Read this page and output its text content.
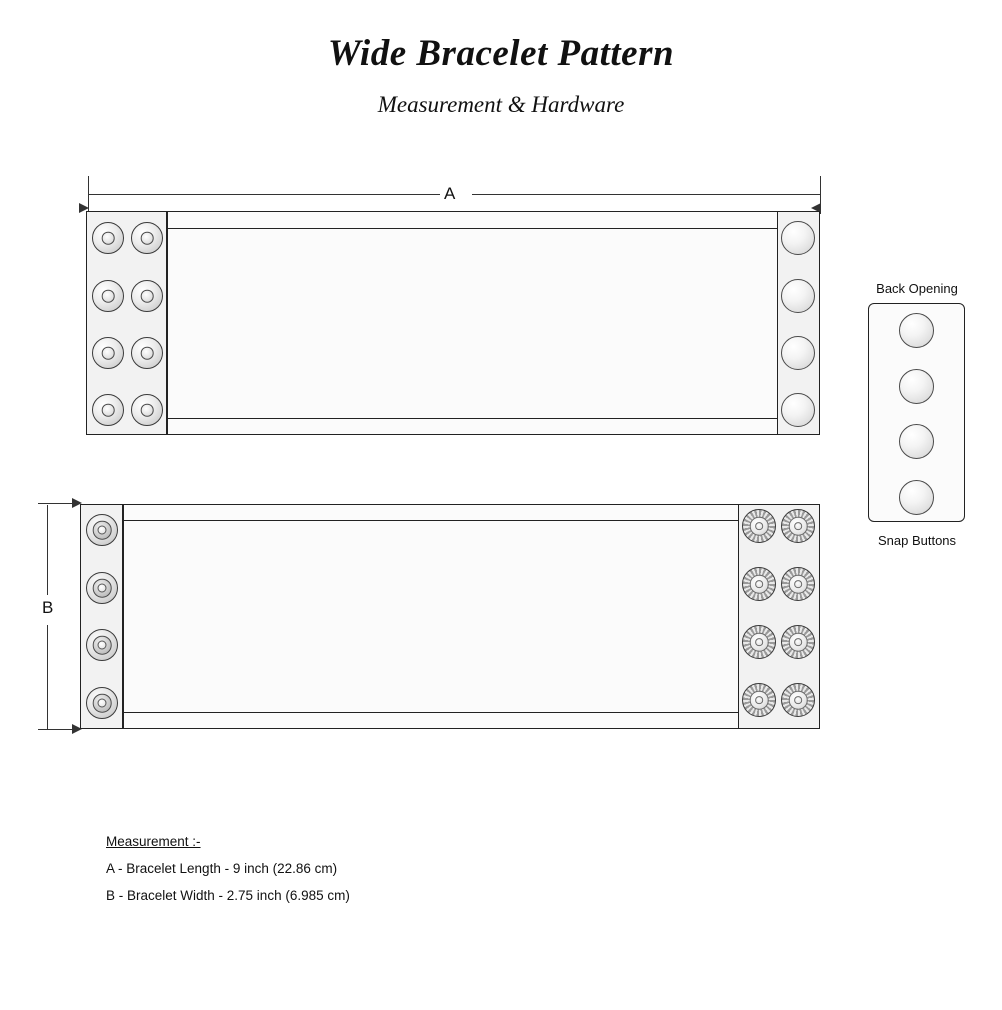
Wide Bracelet Pattern
Measurement & Hardware
A
B
Back Opening
Snap Buttons
Measurement :-
A - Bracelet Length - 9 inch (22.86 cm)
B - Bracelet Width - 2.75 inch (6.985 cm)
